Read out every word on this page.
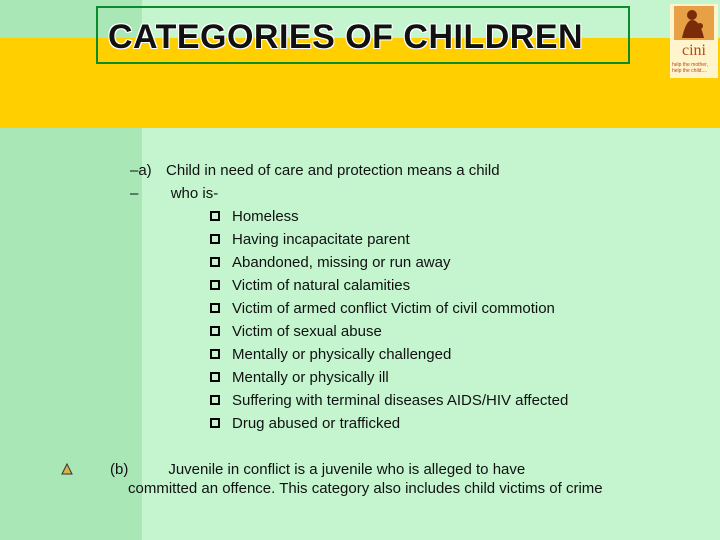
CATEGORIES OF CHILDREN	cini
help the mother, help the child....
–a) Child in need of care and protection means a child
– who is-
Homeless
Having incapacitate parent
Abandoned, missing or run away
Victim of natural calamities
Victim of armed conflict Victim of civil commotion
Victim of sexual abuse
Mentally or physically challenged
Mentally or physically ill
Suffering with terminal diseases AIDS/HIV affected
Drug abused or trafficked
(b)	Juvenile in conflict is a juvenile who is alleged to have
committed an offence. This category also includes child victims of crime
